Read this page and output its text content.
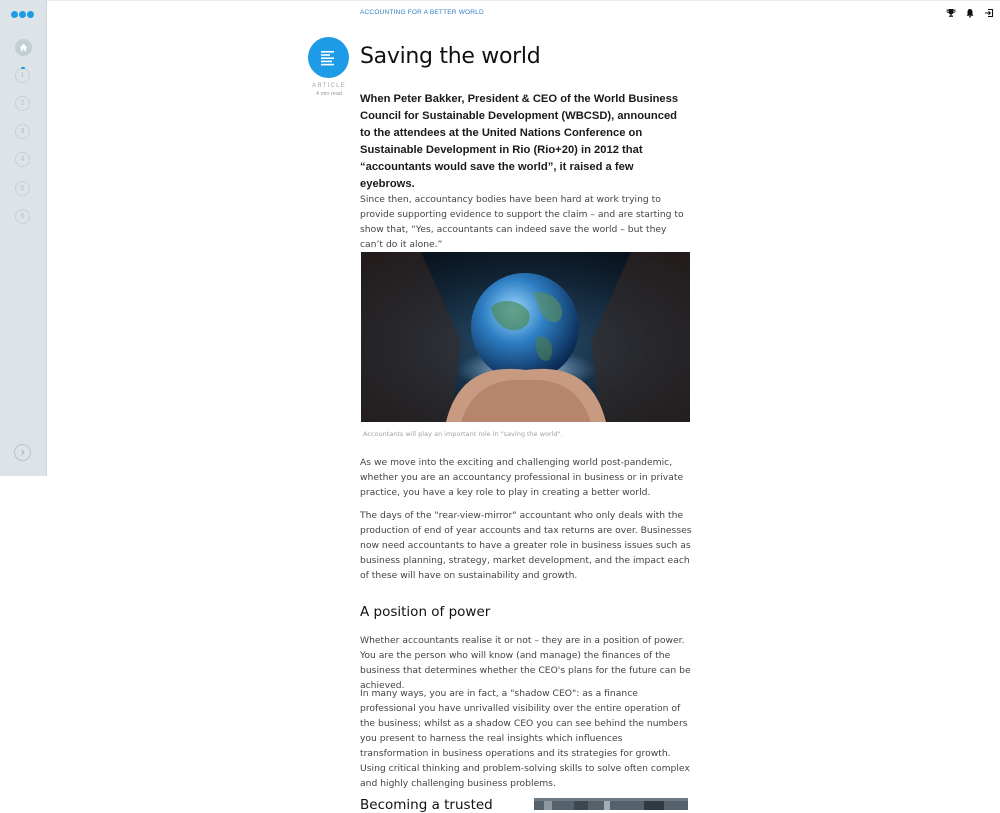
1
2
3
4
5
6
ACCOUNTING FOR A BETTER WORLD
ARTICLE
4 min read
Saving the world

When Peter Bakker, President & CEO of the World Business Council for Sustainable Development (WBCSD), announced to the attendees at the United Nations Conference on Sustainable Development in Rio (Rio+20) in 2012 that “accountants would save the world”, it raised a few eyebrows.

Since then, accountancy bodies have been hard at work trying to provide supporting evidence to support the claim – and are starting to show that, “Yes, accountants can indeed save the world – but they can’t do it alone.”

Accountants will play an important role in "saving the world".

As we move into the exciting and challenging world post-pandemic, whether you are an accountancy professional in business or in private practice, you have a key role to play in creating a better world.

The days of the "rear-view-mirror" accountant who only deals with the production of end of year accounts and tax returns are over. Businesses now need accountants to have a greater role in business issues such as business planning, strategy, market development, and the impact each of these will have on sustainability and growth.

A position of power

Whether accountants realise it or not – they are in a position of power. You are the person who will know (and manage) the finances of the business that determines whether the CEO's plans for the future can be achieved.

In many ways, you are in fact, a "shadow CEO": as a finance professional you have unrivalled visibility over the entire operation of the business; whilst as a shadow CEO you can see behind the numbers you present to harness the real insights which influences transformation in business operations and its strategies for growth. Using critical thinking and problem-solving skills to solve often complex and highly challenging business problems.

Becoming a trusted
